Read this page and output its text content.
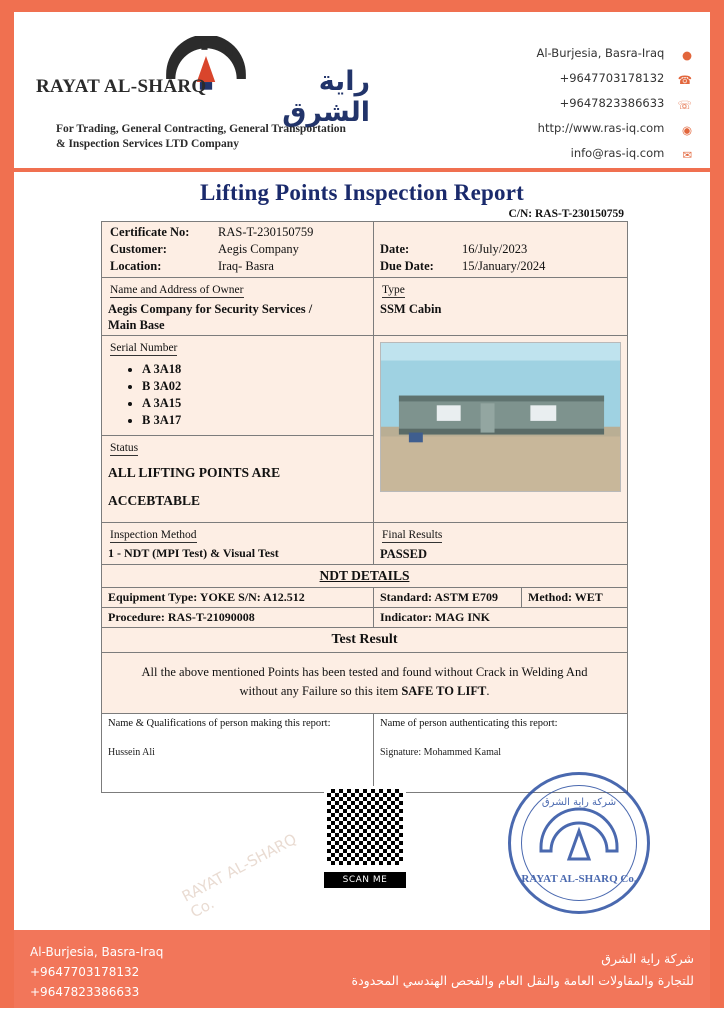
RAYAT AL-SHARQ	راية الشرق
For Trading, General Contracting, General Transportation
& Inspection Services LTD Company
Al-Burjesia, Basra-Iraq ●
+9647703178132 ☎
+9647823386633 ☏
http://www.ras-iq.com ◉
info@ras-iq.com ✉
Lifting Points Inspection Report
C/N: RAS-T-230150759
Certificate No:	RAS-T-230150759
Customer:	Aegis Company
Location:	Iraq- Basra
Date:	16/July/2023
Due Date:	15/January/2024
Name and Address of Owner
Aegis Company for Security Services /
Main Base
Type
SSM Cabin
Serial Number
• A 3A18
• B 3A02
• A 3A15
• B 3A17
Status
ALL LIFTING POINTS ARE
ACCEBTABLE
Inspection Method
1 - NDT (MPI Test) & Visual Test
Final Results
PASSED
NDT DETAILS
Equipment Type: YOKE S/N: A12.512	Standard: ASTM E709	Method: WET
Procedure: RAS-T-21090008	Indicator: MAG INK
Test Result
All the above mentioned Points has been tested and found without Crack in Welding And
without any Failure so this item SAFE TO LIFT.
Name & Qualifications of person making this report:
Hussein Ali
Name of person authenticating this report:
Signature: Mohammed Kamal
SCAN ME
RAYAT AL-SHARQ Co.
شركة راية الشرق
RAYAT AL-SHARQ Co.
Al-Burjesia, Basra-Iraq
+9647703178132
+9647823386633
شركة راية الشرق
للتجارة والمقاولات العامة والنقل العام والفحص الهندسي المحدودة
